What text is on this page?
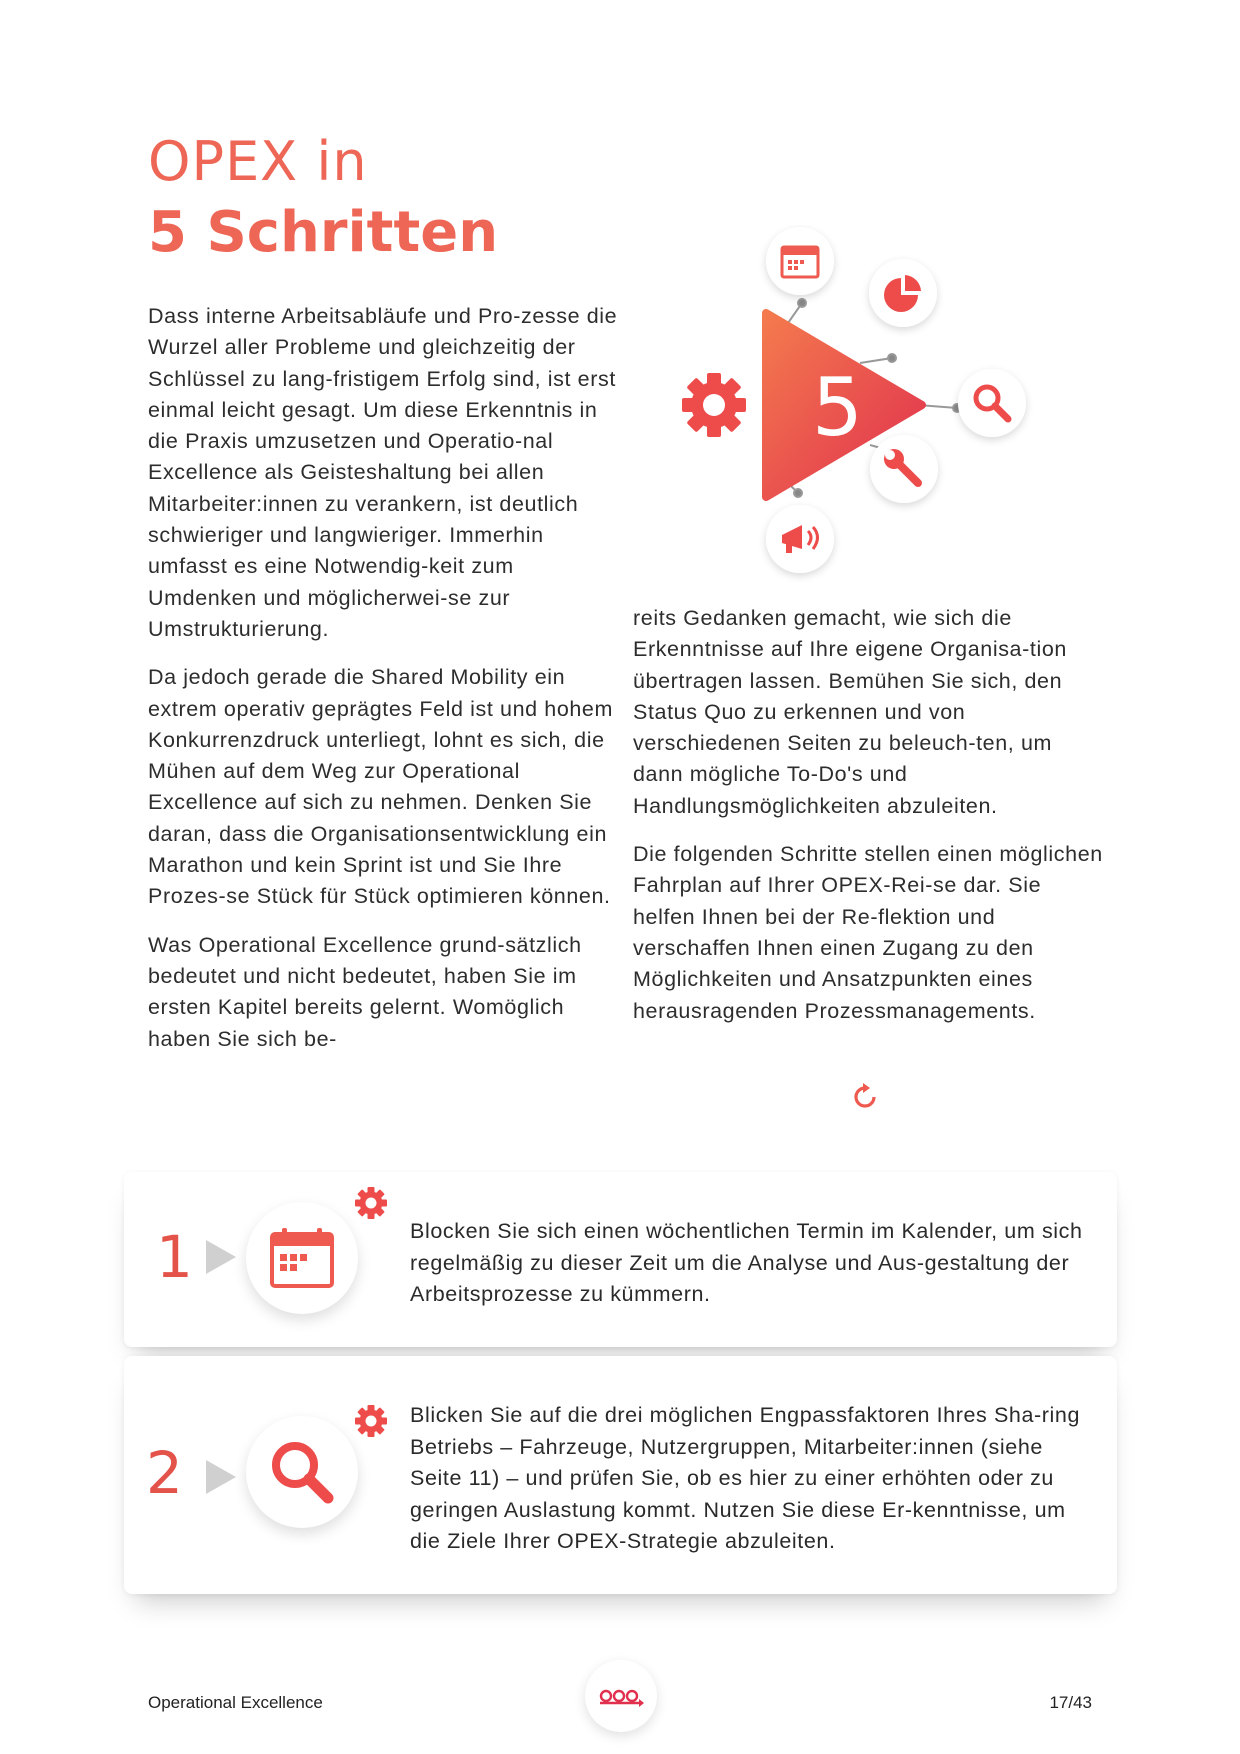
OPEX in
5 Schritten

Dass interne Arbeitsabläufe und Pro-zesse die Wurzel aller Probleme und gleichzeitig der Schlüssel zu lang-fristigem Erfolg sind, ist erst einmal leicht gesagt. Um diese Erkenntnis in die Praxis umzusetzen und Operatio-nal Excellence als Geisteshaltung bei allen Mitarbeiter:innen zu verankern, ist deutlich schwieriger und langwieriger. Immerhin umfasst es eine Notwendig-keit zum Umdenken und möglicherwei-se zur Umstrukturierung.

Da jedoch gerade die Shared Mobility ein extrem operativ geprägtes Feld ist und hohem Konkurrenzdruck unterliegt, lohnt es sich, die Mühen auf dem Weg zur Operational Excellence auf sich zu nehmen. Denken Sie daran, dass die Organisationsentwicklung ein Marathon und kein Sprint ist und Sie Ihre Prozes-se Stück für Stück optimieren können.

Was Operational Excellence grund-sätzlich bedeutet und nicht bedeutet, haben Sie im ersten Kapitel bereits gelernt. Womöglich haben Sie sich be-

5

reits Gedanken gemacht, wie sich die Erkenntnisse auf Ihre eigene Organisa-tion übertragen lassen. Bemühen Sie sich, den Status Quo zu erkennen und von verschiedenen Seiten zu beleuch-ten, um dann mögliche To-Do's und Handlungsmöglichkeiten abzuleiten.

Die folgenden Schritte stellen einen möglichen Fahrplan auf Ihrer OPEX-Rei-se dar. Sie helfen Ihnen bei der Re-flektion und verschaffen Ihnen einen Zugang zu den Möglichkeiten und Ansatzpunkten eines herausragenden Prozessmanagements.

1	Blocken Sie sich einen wöchentlichen Termin im Kalender, um sich regelmäßig zu dieser Zeit um die Analyse und Aus-gestaltung der Arbeitsprozesse zu kümmern.

2

Blicken Sie auf die drei möglichen Engpassfaktoren Ihres Sha-ring Betriebs – Fahrzeuge, Nutzergruppen, Mitarbeiter:innen (siehe Seite 11) – und prüfen Sie, ob es hier zu einer erhöhten oder zu geringen Auslastung kommt. Nutzen Sie diese Er-kenntnisse, um die Ziele Ihrer OPEX-Strategie abzuleiten.

Operational Excellence	17/43
